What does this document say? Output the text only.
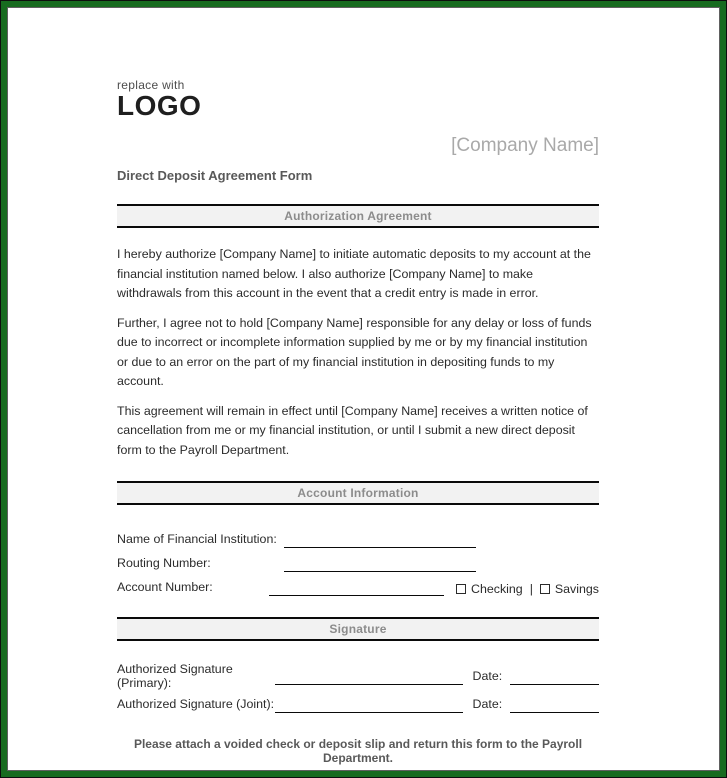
replace with
LOGO
[Company Name]
Direct Deposit Agreement Form
Authorization Agreement

I hereby authorize [Company Name] to initiate automatic deposits to my account at the financial institution named below. I also authorize [Company Name] to make withdrawals from this account in the event that a credit entry is made in error.

Further, I agree not to hold [Company Name] responsible for any delay or loss of funds due to incorrect or incomplete information supplied by me or by my financial institution or due to an error on the part of my financial institution in depositing funds to my account.

This agreement will remain in effect until [Company Name] receives a written notice of cancellation from me or my financial institution, or until I submit a new direct deposit form to the Payroll Department.

Account Information
Name of Financial Institution:
Routing Number:
Account Number:	Checking | Savings
Signature
Authorized Signature (Primary):	Date:
Authorized Signature (Joint):	Date:
Please attach a voided check or deposit slip and return this form to the Payroll Department.
